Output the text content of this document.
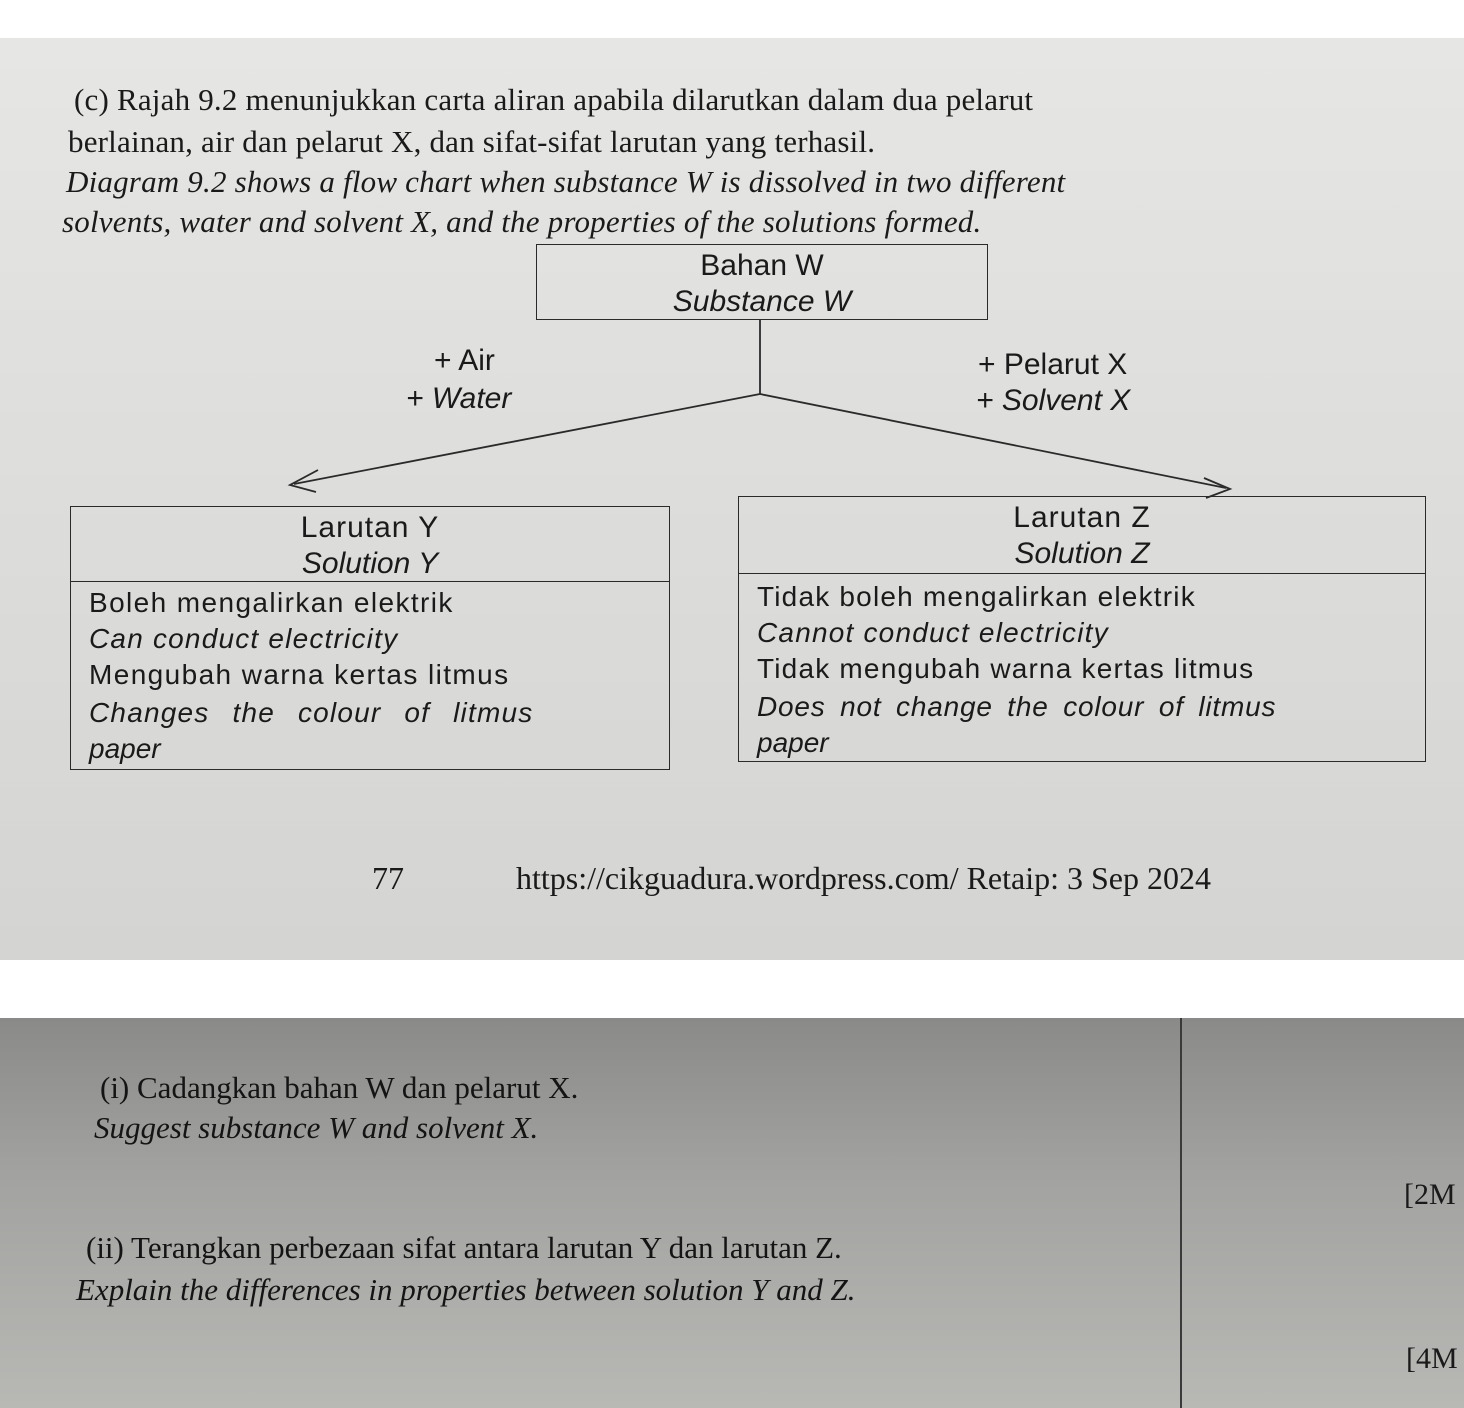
(c) Rajah 9.2 menunjukkan carta aliran apabila dilarutkan dalam dua pelarut
berlainan, air dan pelarut X, dan sifat-sifat larutan yang terhasil.
Diagram 9.2 shows a flow chart when substance W is dissolved in two different
solvents, water and solvent X, and the properties of the solutions formed.
Bahan W
Substance W
+ Air
+ Water
+ Pelarut X
+ Solvent X
Larutan Y
Solution Y
Boleh mengalirkan elektrik
Can conduct electricity
Mengubah warna kertas litmus
Changes the colour of litmus
paper
Larutan Z
Solution Z
Tidak boleh mengalirkan elektrik
Cannot conduct electricity
Tidak mengubah warna kertas litmus
Does not change the colour of litmus
paper
77	https://cikguadura.wordpress.com/ Retaip: 3 Sep 2024
(i) Cadangkan bahan W dan pelarut X.
Suggest substance W and solvent X.
[2M
(ii) Terangkan perbezaan sifat antara larutan Y dan larutan Z.
Explain the differences in properties between solution Y and Z.
[4M
